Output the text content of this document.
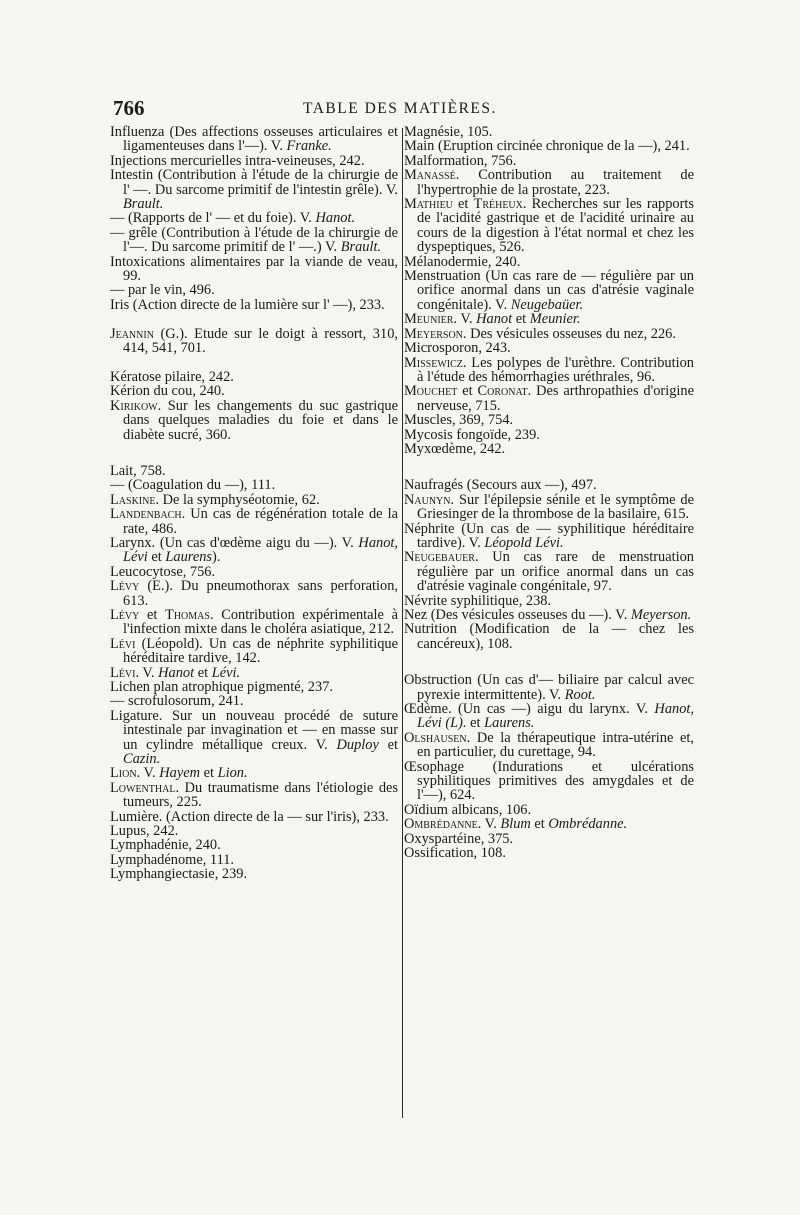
766	TABLE DES MATIÈRES.

Influenza (Des affections osseuses articulaires et ligamenteuses dans l'—). V. Franke.

Injections mercurielles intra-veineuses, 242.

Intestin (Contribution à l'étude de la chirurgie de l' —. Du sarcome primitif de l'intestin grêle). V. Brault.

— (Rapports de l' — et du foie). V. Hanot.

— grêle (Contribution à l'étude de la chirurgie de l'—. Du sarcome primitif de l' —.) V. Brault.

Intoxications alimentaires par la viande de veau, 99.

— par le vin, 496.

Iris (Action directe de la lumière sur l' —), 233.

Jeannin (G.). Etude sur le doigt à ressort, 310, 414, 541, 701.

Kératose pilaire, 242.

Kérion du cou, 240.

Kirikow. Sur les changements du suc gastrique dans quelques maladies du foie et dans le diabète sucré, 360.

Lait, 758.

— (Coagulation du —), 111.

Laskine. De la symphyséotomie, 62.

Landenbach. Un cas de régénération totale de la rate, 486.

Larynx. (Un cas d'œdème aigu du —). V. Hanot, Lévi et Laurens).

Leucocytose, 756.

Lévy (E.). Du pneumothorax sans perforation, 613.

Lévy et Thomas. Contribution expérimentale à l'infection mixte dans le choléra asiatique, 212.

Lévi (Léopold). Un cas de néphrite syphilitique héréditaire tardive, 142.

Lévi. V. Hanot et Lévi.

Lichen plan atrophique pigmenté, 237.

— scrofulosorum, 241.

Ligature. Sur un nouveau procédé de suture intestinale par invagination et — en masse sur un cylindre métallique creux. V. Duploy et Cazin.

Lion. V. Hayem et Lion.

Lowenthal. Du traumatisme dans l'étiologie des tumeurs, 225.

Lumière. (Action directe de la — sur l'iris), 233.

Lupus, 242.

Lymphadénie, 240.

Lymphadénome, 111.

Lymphangiectasie, 239.

Magnésie, 105.

Main (Eruption circinée chronique de la —), 241.

Malformation, 756.

Manassé. Contribution au traitement de l'hypertrophie de la prostate, 223.

Mathieu et Tréheux. Recherches sur les rapports de l'acidité gastrique et de l'acidité urinaire au cours de la digestion à l'état normal et chez les dyspeptiques, 526.

Mélanodermie, 240.

Menstruation (Un cas rare de — régulière par un orifice anormal dans un cas d'atrésie vaginale congénitale). V. Neugebaüer.

Meunier. V. Hanot et Meunier.

Meyerson. Des vésicules osseuses du nez, 226.

Microsporon, 243.

Missewicz. Les polypes de l'urèthre. Contribution à l'étude des hémorrhagies uréthrales, 96.

Mouchet et Coronat. Des arthropathies d'origine nerveuse, 715.

Muscles, 369, 754.

Mycosis fongoïde, 239.

Myxœdème, 242.

Naufragés (Secours aux —), 497.

Naunyn. Sur l'épilepsie sénile et le symptôme de Griesinger de la thrombose de la basilaire, 615.

Néphrite (Un cas de — syphilitique héréditaire tardive). V. Léopold Lévi.

Neugebauer. Un cas rare de menstruation régulière par un orifice anormal dans un cas d'atrésie vaginale congénitale, 97.

Névrite syphilitique, 238.

Nez (Des vésicules osseuses du —). V. Meyerson.

Nutrition (Modification de la — chez les cancéreux), 108.

Obstruction (Un cas d'— biliaire par calcul avec pyrexie intermittente). V. Root.

Œdème. (Un cas —) aigu du larynx. V. Hanot, Lévi (L). et Laurens.

Olshausen. De la thérapeutique intra-utérine et, en particulier, du curettage, 94.

Œsophage (Indurations et ulcérations syphilitiques primitives des amygdales et de l'—), 624.

Oïdium albicans, 106.

Ombrédanne. V. Blum et Ombrédanne.

Oxyspartéine, 375.

Ossification, 108.
